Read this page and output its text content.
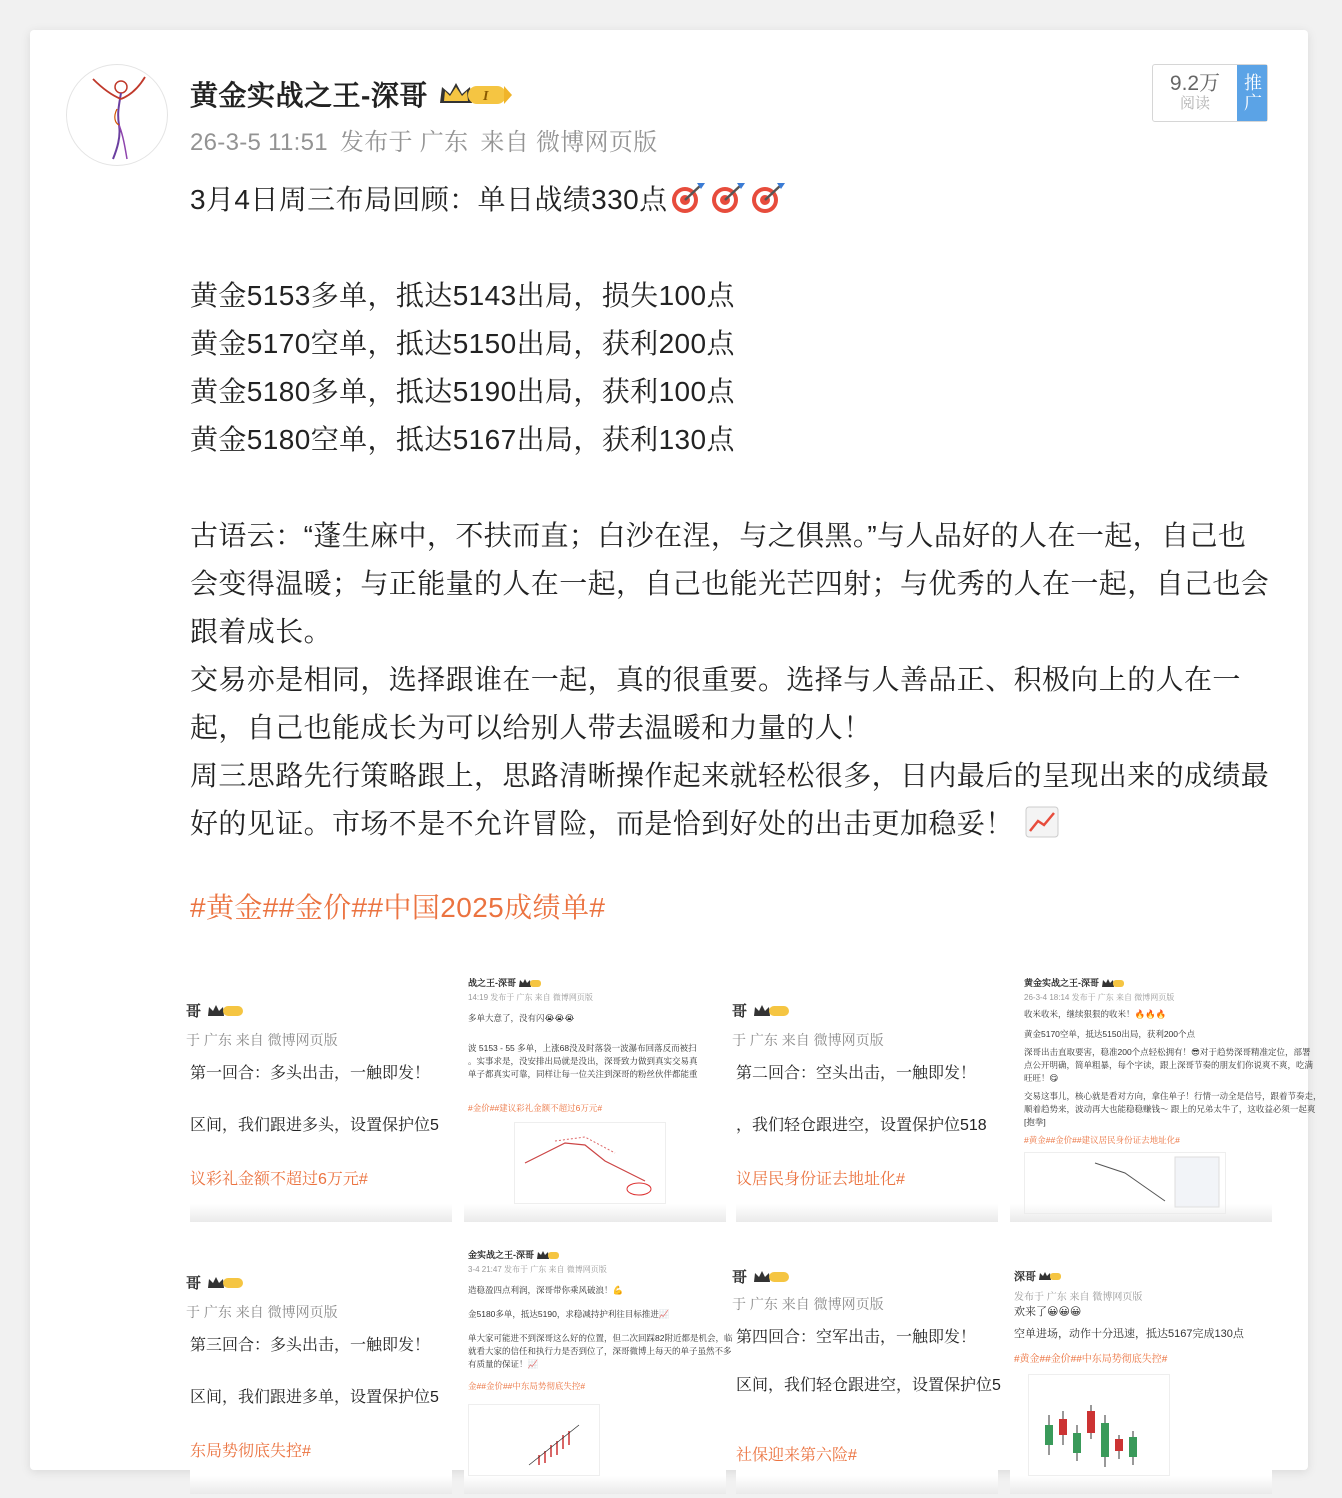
黄金实战之王-深哥	I
26-3-5 11:51 发布于 广东 来自 微博网页版
9.2万
阅读 推广

3月4日周三布局回顾：单日战绩330点

黄金5153多单，抵达5143出局，损失100点

黄金5170空单，抵达5150出局，获利200点

黄金5180多单，抵达5190出局，获利100点

黄金5180空单，抵达5167出局，获利130点

古语云：“蓬生麻中，不扶而直；白沙在涅，与之俱黑。”与人品好的人在一起，自己也会变得温暖；与正能量的人在一起，自己也能光芒四射；与优秀的人在一起，自己也会跟着成长。

交易亦是相同，选择跟谁在一起，真的很重要。选择与人善品正、积极向上的人在一起，自己也能成长为可以给别人带去温暖和力量的人！

周三思路先行策略跟上，思路清晰操作起来就轻松很多，日内最后的呈现出来的成绩最好的见证。市场不是不允许冒险，而是恰到好处的出击更加稳妥！

#黄金##金价##中国2025成绩单#
哥
于 广东 来自 微博网页版
第一回合：多头出击，一触即发！
区间，我们跟进多头，设置保护位5
议彩礼金额不超过6万元#
战之王-深哥
14:19 发布于 广东 来自 微博网页版
多单大意了，没有闪😭😭😭
波 5153 - 55 多单，上涨68没及时落袋一波瀑布回落反而被扫
。实事求是，没安排出局就是没出，深哥致力做到真实交易真
单子都真实可靠，同样让每一位关注到深哥的粉丝伙伴都能重
#金价##建议彩礼金额不超过6万元#
哥
于 广东 来自 微博网页版
第二回合：空头出击，一触即发！
，我们轻仓跟进空，设置保护位518
议居民身份证去地址化#
黄金实战之王-深哥
26-3-4 18:14 发布于 广东 来自 微博网页版
收米收米，继续狠狠的收米！🔥🔥🔥
黄金5170空单，抵达5150出局，获利200个点
深哥出击直取要害，稳准200个点轻松拥有！😎对于趋势深哥精准定位，部署
点公开明确，简单粗暴，每个字读，跟上深哥节奏的朋友们你说爽不爽，吃满
旺旺！😋
交易这事儿，核心就是看对方向，拿住单子！行情一动全是信号，跟着节奏走，
顺着趋势来，波动再大也能稳稳赚钱～ 跟上的兄弟太牛了，这收益必须一起爽
[抱拳]
#黄金##金价##建议居民身份证去地址化#
哥
于 广东 来自 微博网页版
第三回合：多头出击，一触即发！
区间，我们跟进多单，设置保护位5
东局势彻底失控#
金实战之王-深哥
3-4 21:47 发布于 广东 来自 微博网页版
造稳盈四点利润，深哥带你乘风破浪！💪
金5180多单，抵达5190，求稳减持护利往目标推进📈
单大家可能进不到深哥这么好的位置，但二次回踩82附近都是机会，临
就看大家的信任和执行力是否到位了，深哥微博上每天的单子虽然不多
有质量的保证！📈
金##金价##中东局势彻底失控#
哥
于 广东 来自 微博网页版
第四回合：空军出击，一触即发！
区间，我们轻仓跟进空，设置保护位5
社保迎来第六险#
深哥
发布于 广东 来自 微博网页版
欢来了😀😀😀
空单进场，动作十分迅速，抵达5167完成130点
#黄金##金价##中东局势彻底失控#
